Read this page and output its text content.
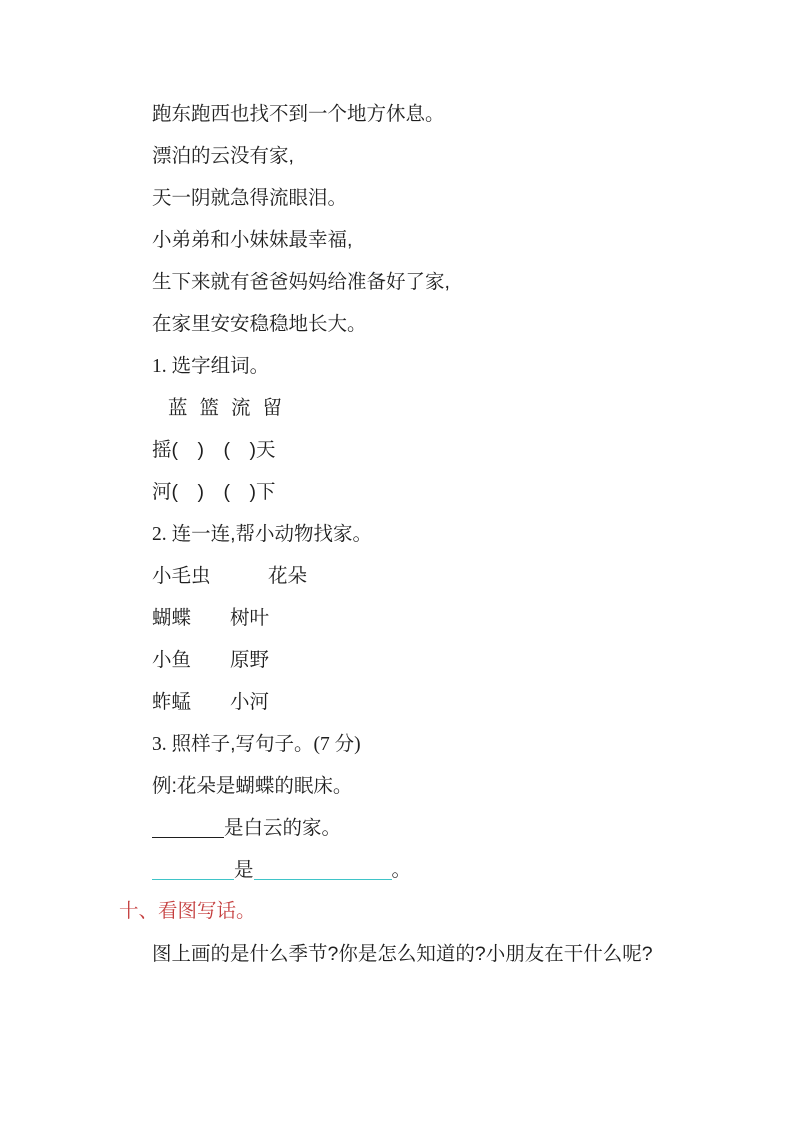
跑东跑西也找不到一个地方休息。
漂泊的云没有家,
天一阴就急得流眼泪。
小弟弟和小妹妹最幸福,
生下来就有爸爸妈妈给准备好了家,
在家里安安稳稳地长大。
1. 选字组词。
蓝 篮 流 留
摇(　)　(　)天
河(　)　(　)下
2. 连一连,帮小动物找家。
小毛虫	花朵
蝴蝶 树叶
小鱼 原野
蚱蜢 小河
3. 照样子,写句子。(7 分)
例:花朵是蝴蝶的眠床。
是白云的家。
是	。
十、看图写话。
图上画的是什么季节?你是怎么知道的?小朋友在干什么呢?
